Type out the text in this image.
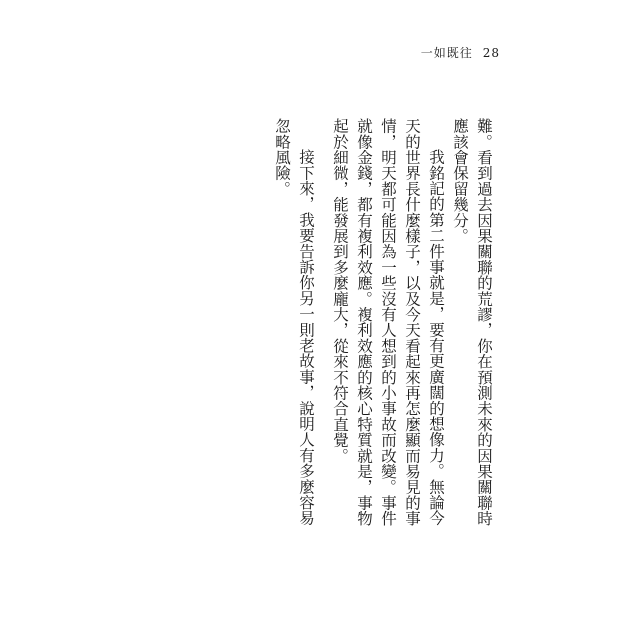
一如既往 28

難。看到過去因果關聯的荒謬，你在預測未來的因果關聯時應該會保留幾分。

我銘記的第二件事就是，要有更廣闊的想像力。無論今天的世界長什麼樣子，以及今天看起來再怎麼顯而易見的事情，明天都可能因為一些沒有人想到的小事故而改變。事件就像金錢，都有複利效應。複利效應的核心特質就是，事物起於細微，能發展到多麼龐大，從來不符合直覺。

接下來，我要告訴你另一則老故事，說明人有多麼容易忽略風險。
